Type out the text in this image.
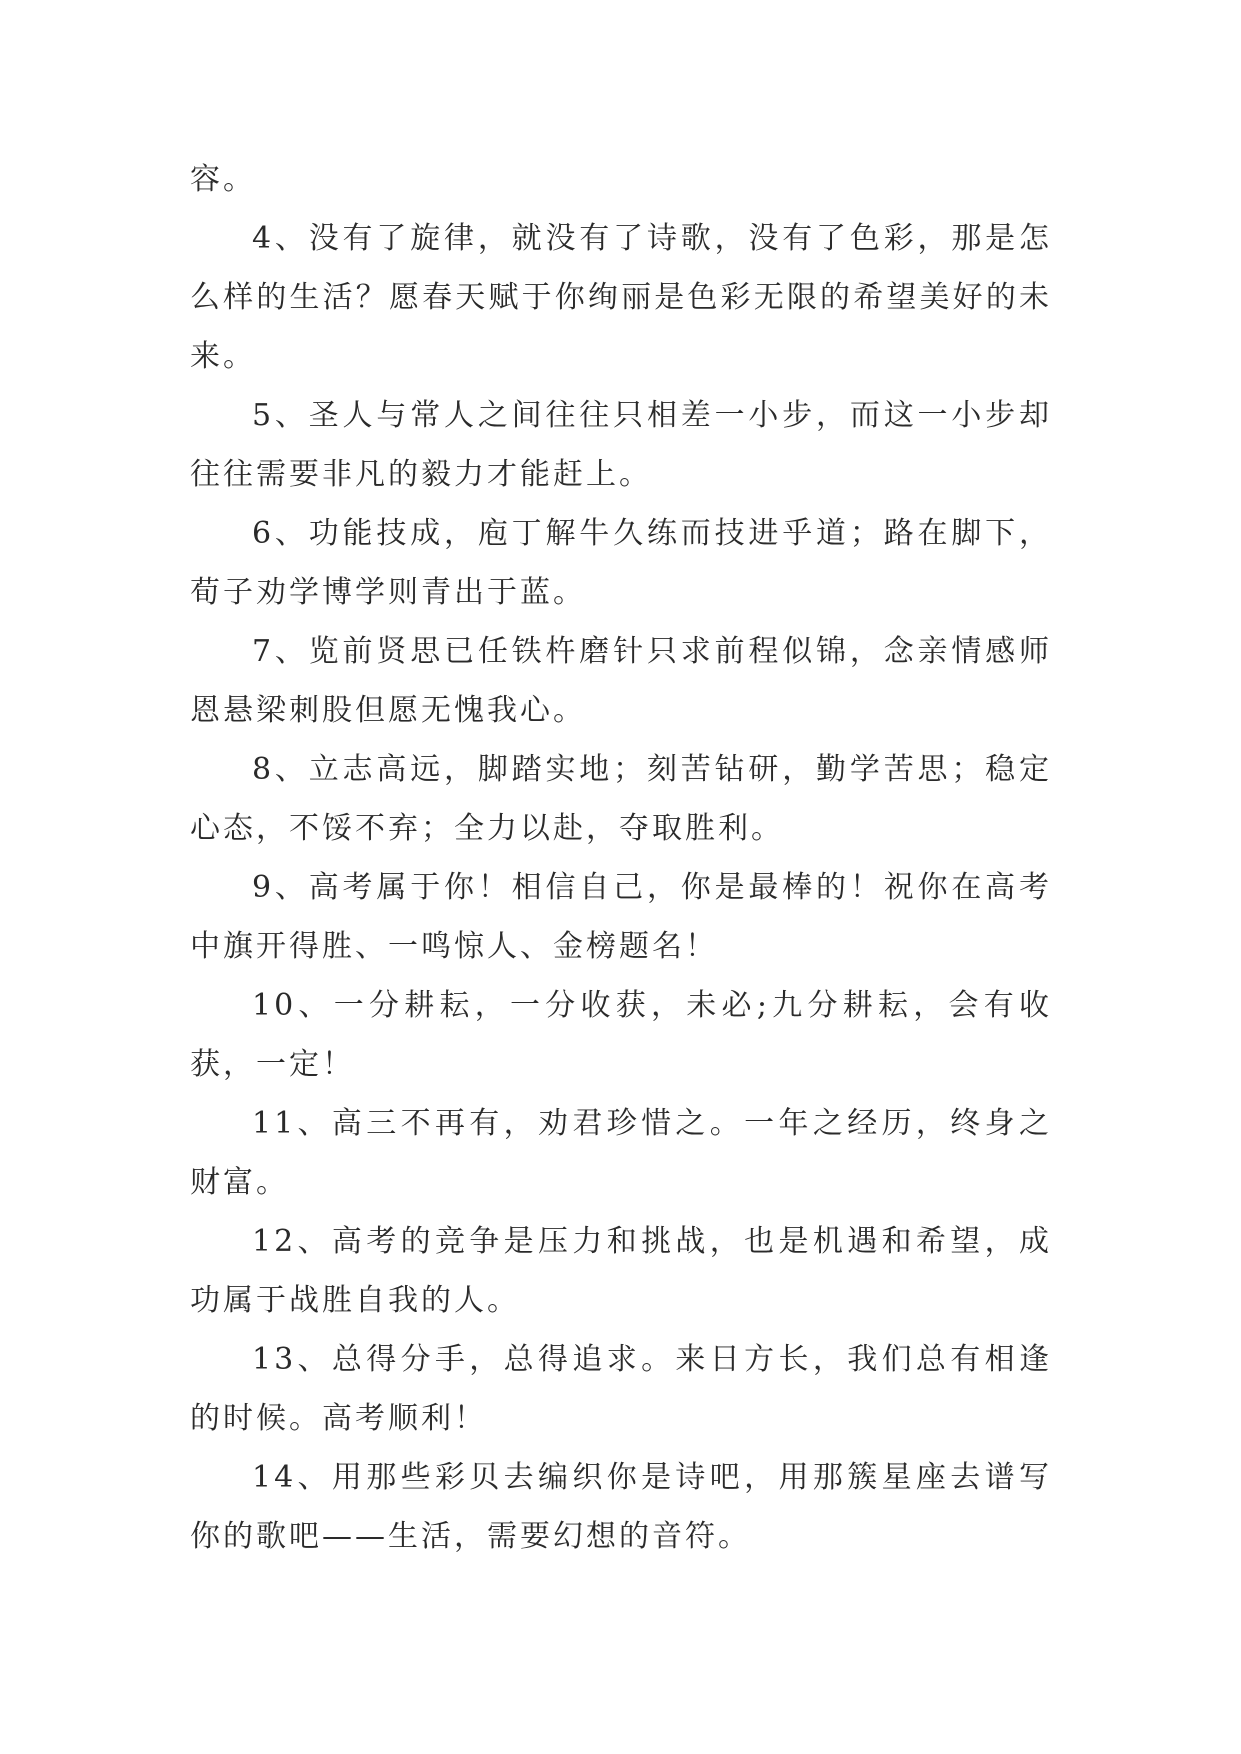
容。

4、没有了旋律，就没有了诗歌，没有了色彩，那是怎么样的生活？愿春天赋于你绚丽是色彩无限的希望美好的未来。

5、圣人与常人之间往往只相差一小步，而这一小步却往往需要非凡的毅力才能赶上。

6、功能技成，庖丁解牛久练而技进乎道；路在脚下，荀子劝学博学则青出于蓝。

7、览前贤思已任铁杵磨针只求前程似锦，念亲情感师恩悬梁刺股但愿无愧我心。

8、立志高远，脚踏实地；刻苦钻研，勤学苦思；稳定心态，不馁不弃；全力以赴，夺取胜利。

9、高考属于你！相信自己，你是最棒的！祝你在高考中旗开得胜、一鸣惊人、金榜题名！

10、一分耕耘，一分收获，未必;九分耕耘，会有收获，一定！

11、高三不再有，劝君珍惜之。一年之经历，终身之财富。

12、高考的竞争是压力和挑战，也是机遇和希望，成功属于战胜自我的人。

13、总得分手，总得追求。来日方长，我们总有相逢的时候。高考顺利！

14、用那些彩贝去编织你是诗吧，用那簇星座去谱写你的歌吧——生活，需要幻想的音符。
